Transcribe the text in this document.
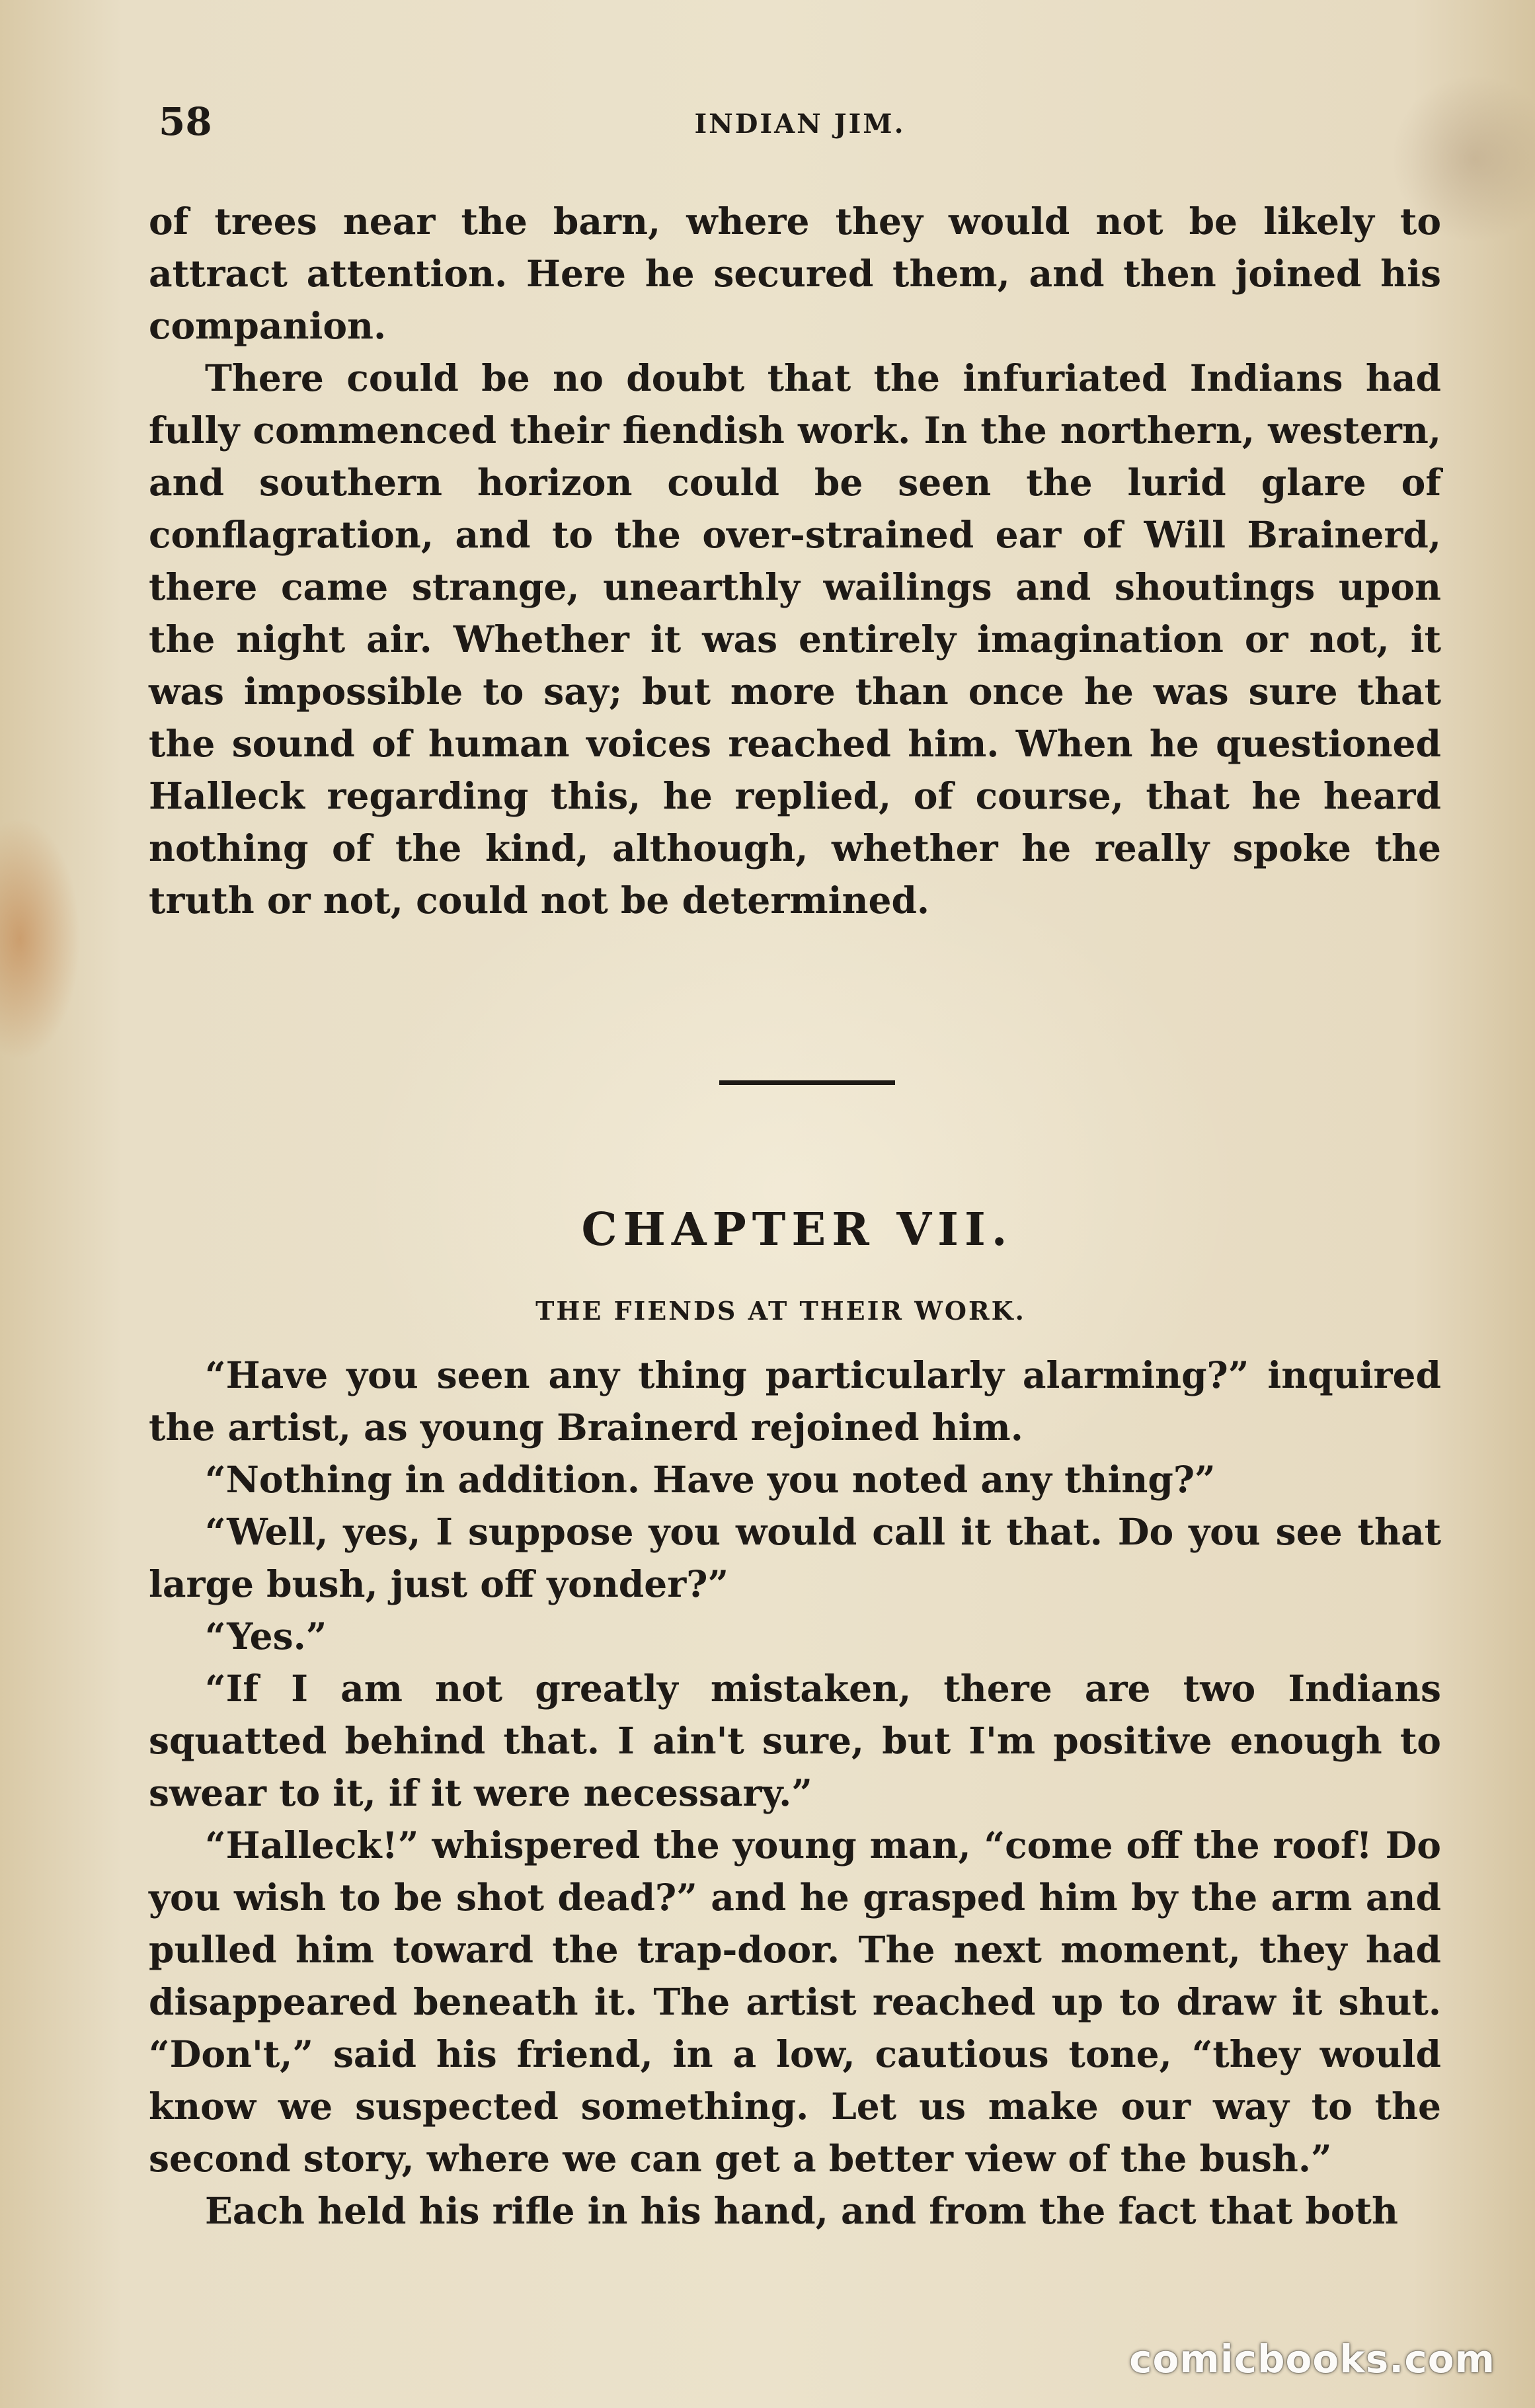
58	INDIAN JIM.

of trees near the barn, where they would not be likely to attract attention. Here he secured them, and then joined his companion.

There could be no doubt that the infuriated Indians had fully commenced their fiendish work. In the northern, western, and southern horizon could be seen the lurid glare of conflagration, and to the over-strained ear of Will Brainerd, there came strange, unearthly wailings and shoutings upon the night air. Whether it was entirely imagination or not, it was impossible to say; but more than once he was sure that the sound of human voices reached him. When he questioned Halleck regarding this, he replied, of course, that he heard nothing of the kind, although, whether he really spoke the truth or not, could not be determined.

CHAPTER VII.
THE FIENDS AT THEIR WORK.

“Have you seen any thing particularly alarming?” inquired the artist, as young Brainerd rejoined him.

“Nothing in addition. Have you noted any thing?”

“Well, yes, I suppose you would call it that. Do you see that large bush, just off yonder?”

“Yes.”

“If I am not greatly mistaken, there are two Indians squatted behind that. I ain't sure, but I'm positive enough to swear to it, if it were necessary.”

“Halleck!” whispered the young man, “come off the roof! Do you wish to be shot dead?” and he grasped him by the arm and pulled him toward the trap-door. The next moment, they had disappeared beneath it. The artist reached up to draw it shut. “Don't,” said his friend, in a low, cautious tone, “they would know we suspected something. Let us make our way to the second story, where we can get a better view of the bush.”

Each held his rifle in his hand, and from the fact that both

comicbooks.com
